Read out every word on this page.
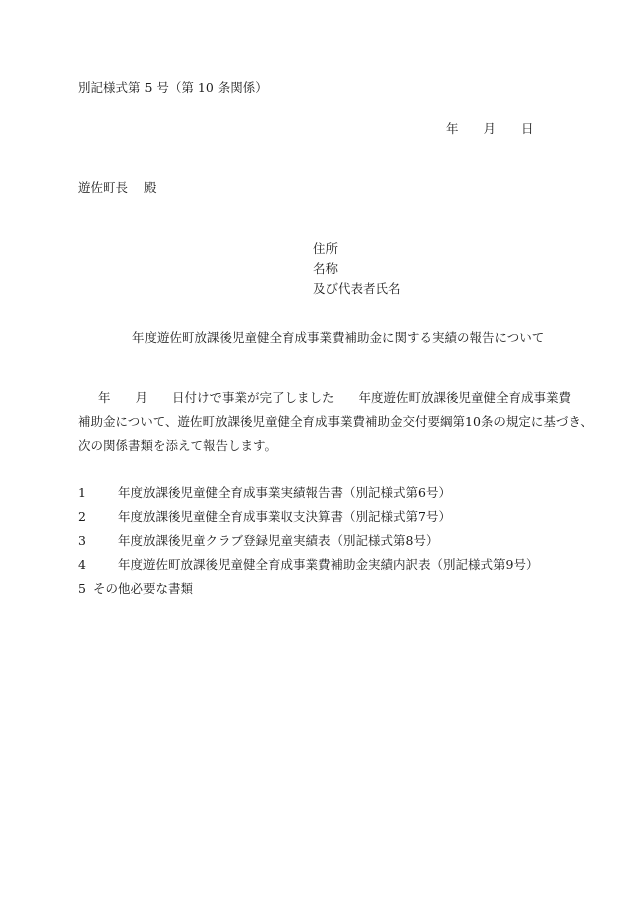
別記様式第 5 号（第 10 条関係）
年 月 日
遊佐町長 殿
住所
名称
及び代表者氏名
年度遊佐町放課後児童健全育成事業費補助金に関する実績の報告について
年 月 日付けで事業が完了しました 年度遊佐町放課後児童健全育成事業費
補助金について、遊佐町放課後児童健全育成事業費補助金交付要綱第10条の規定に基づき、
次の関係書類を添えて報告します。
1	年度放課後児童健全育成事業実績報告書（別記様式第6号）
2	年度放課後児童健全育成事業収支決算書（別記様式第7号）
3	年度放課後児童クラブ登録児童実績表（別記様式第8号）
4	年度遊佐町放課後児童健全育成事業費補助金実績内訳表（別記様式第9号）
5 その他必要な書類
